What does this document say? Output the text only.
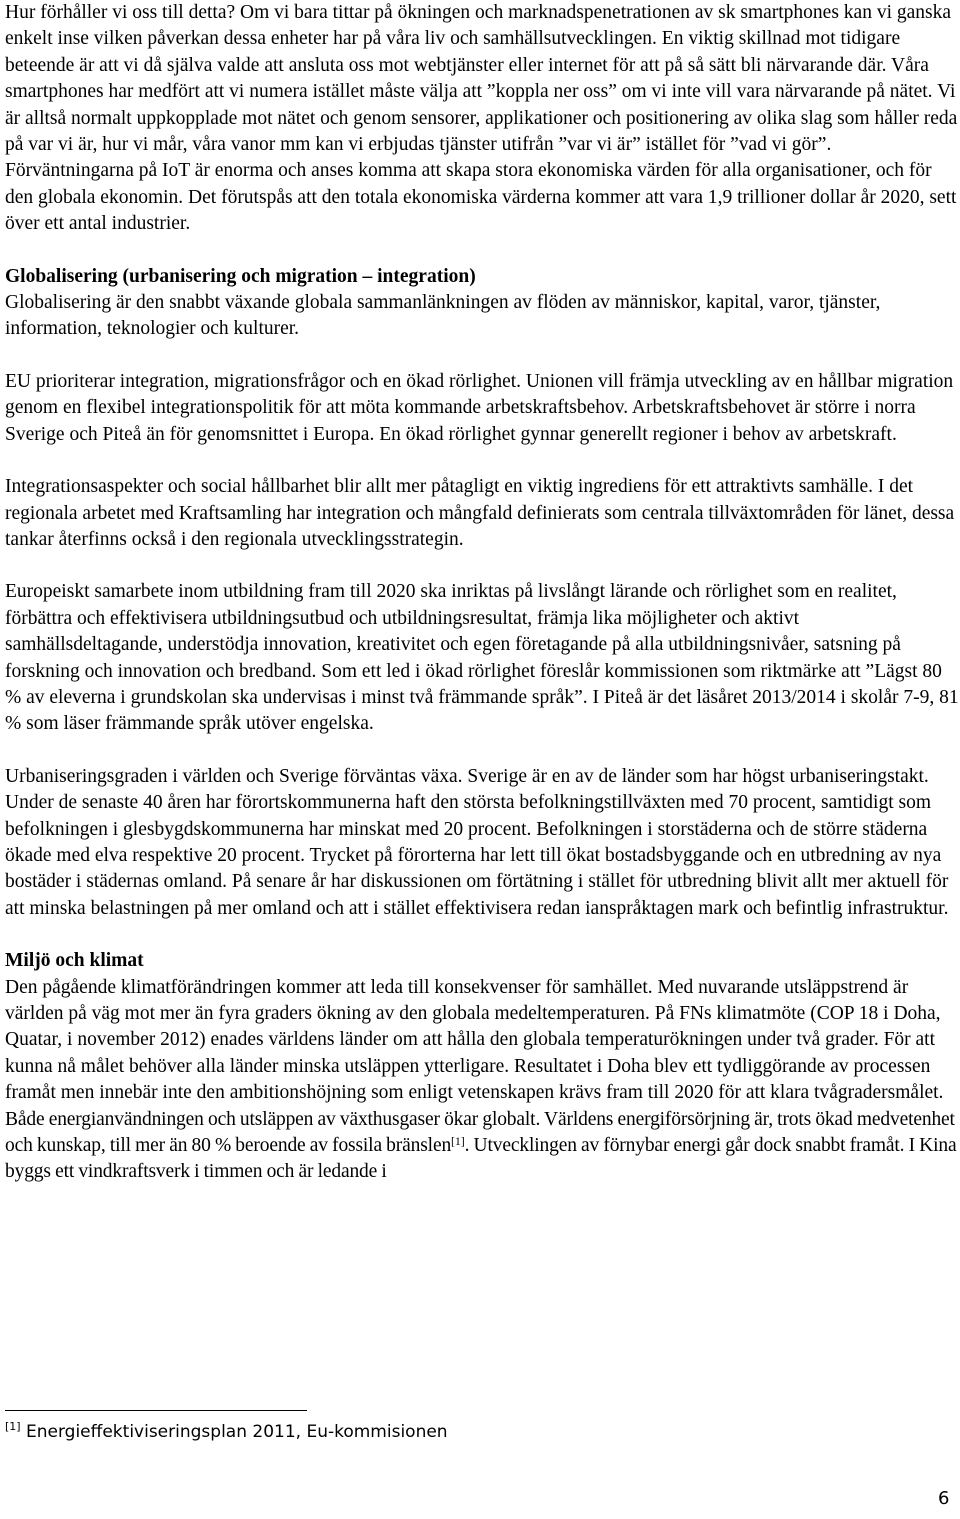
Hur förhåller vi oss till detta? Om vi bara tittar på ökningen och marknadspenetrationen av sk smartphones kan vi ganska enkelt inse vilken påverkan dessa enheter har på våra liv och samhällsutvecklingen. En viktig skillnad mot tidigare beteende är att vi då själva valde att ansluta oss mot webtjänster eller internet för att på så sätt bli närvarande där. Våra smartphones har medfört att vi numera istället måste välja att ”koppla ner oss” om vi inte vill vara närvarande på nätet. Vi är alltså normalt uppkopplade mot nätet och genom sensorer, applikationer och positionering av olika slag som håller reda på var vi är, hur vi mår, våra vanor mm kan vi erbjudas tjänster utifrån ”var vi är” istället för ”vad vi gör”.

Förväntningarna på IoT är enorma och anses komma att skapa stora ekonomiska värden för alla organisationer, och för den globala ekonomin. Det förutspås att den totala ekonomiska värderna kommer att vara 1,9 trillioner dollar år 2020, sett över ett antal industrier.

Globalisering (urbanisering och migration – integration)

Globalisering är den snabbt växande globala sammanlänkningen av flöden av människor, kapital, varor, tjänster, information, teknologier och kulturer.

EU prioriterar integration, migrationsfrågor och en ökad rörlighet. Unionen vill främja utveckling av en hållbar migration genom en flexibel integrationspolitik för att möta kommande arbetskraftsbehov. Arbetskraftsbehovet är större i norra Sverige och Piteå än för genomsnittet i Europa. En ökad rörlighet gynnar generellt regioner i behov av arbetskraft.

Integrationsaspekter och social hållbarhet blir allt mer påtagligt en viktig ingrediens för ett attraktivts samhälle. I det regionala arbetet med Kraftsamling har integration och mångfald definierats som centrala tillväxtområden för länet, dessa tankar återfinns också i den regionala utvecklingsstrategin.

Europeiskt samarbete inom utbildning fram till 2020 ska inriktas på livslångt lärande och rörlighet som en realitet, förbättra och effektivisera utbildningsutbud och utbildningsresultat, främja lika möjligheter och aktivt samhällsdeltagande, understödja innovation, kreativitet och egen företagande på alla utbildningsnivåer, satsning på forskning och innovation och bredband. Som ett led i ökad rörlighet föreslår kommissionen som riktmärke att ”Lägst 80 % av eleverna i grundskolan ska undervisas i minst två främmande språk”. I Piteå är det läsåret 2013/2014 i skolår 7-9, 81 % som läser främmande språk utöver engelska.

Urbaniseringsgraden i världen och Sverige förväntas växa. Sverige är en av de länder som har högst urbaniseringstakt. Under de senaste 40 åren har förortskommunerna haft den största befolkningstillväxten med 70 procent, samtidigt som befolkningen i glesbygdskommunerna har minskat med 20 procent. Befolkningen i storstäderna och de större städerna ökade med elva respektive 20 procent. Trycket på förorterna har lett till ökat bostadsbyggande och en utbredning av nya bostäder i städernas omland. På senare år har diskussionen om förtätning i stället för utbredning blivit allt mer aktuell för att minska belastningen på mer omland och att i stället effektivisera redan ianspråktagen mark och befintlig infrastruktur.

Miljö och klimat

Den pågående klimatförändringen kommer att leda till konsekvenser för samhället. Med nuvarande utsläppstrend är världen på väg mot mer än fyra graders ökning av den globala medeltemperaturen. På FNs klimatmöte (COP 18 i Doha, Quatar, i november 2012) enades världens länder om att hålla den globala temperaturökningen under två grader. För att kunna nå målet behöver alla länder minska utsläppen ytterligare. Resultatet i Doha blev ett tydliggörande av processen framåt men innebär inte den ambitionshöjning som enligt vetenskapen krävs fram till 2020 för att klara tvågradersmålet.

Både energianvändningen och utsläppen av växthusgaser ökar globalt. Världens energiförsörjning är, trots ökad medvetenhet och kunskap, till mer än 80 % beroende av fossila bränslen[1]. Utvecklingen av förnybar energi går dock snabbt framåt. I Kina byggs ett vindkraftsverk i timmen och är ledande i

[1] Energieffektiviseringsplan 2011, Eu-kommisionen
6
